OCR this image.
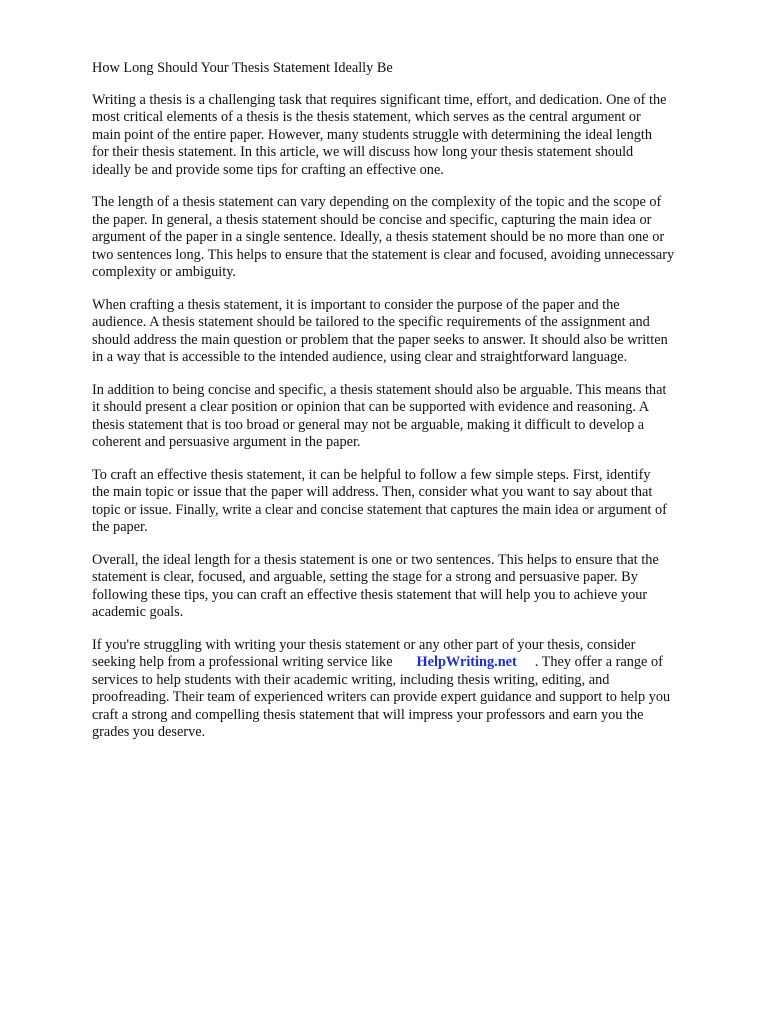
How Long Should Your Thesis Statement Ideally Be
Writing a thesis is a challenging task that requires significant time, effort, and dedication. One of the
most critical elements of a thesis is the thesis statement, which serves as the central argument or
main point of the entire paper. However, many students struggle with determining the ideal length
for their thesis statement. In this article, we will discuss how long your thesis statement should
ideally be and provide some tips for crafting an effective one.
The length of a thesis statement can vary depending on the complexity of the topic and the scope of
the paper. In general, a thesis statement should be concise and specific, capturing the main idea or
argument of the paper in a single sentence. Ideally, a thesis statement should be no more than one or
two sentences long. This helps to ensure that the statement is clear and focused, avoiding unnecessary
complexity or ambiguity.
When crafting a thesis statement, it is important to consider the purpose of the paper and the
audience. A thesis statement should be tailored to the specific requirements of the assignment and
should address the main question or problem that the paper seeks to answer. It should also be written
in a way that is accessible to the intended audience, using clear and straightforward language.
In addition to being concise and specific, a thesis statement should also be arguable. This means that
it should present a clear position or opinion that can be supported with evidence and reasoning. A
thesis statement that is too broad or general may not be arguable, making it difficult to develop a
coherent and persuasive argument in the paper.
To craft an effective thesis statement, it can be helpful to follow a few simple steps. First, identify
the main topic or issue that the paper will address. Then, consider what you want to say about that
topic or issue. Finally, write a clear and concise statement that captures the main idea or argument of
the paper.
Overall, the ideal length for a thesis statement is one or two sentences. This helps to ensure that the
statement is clear, focused, and arguable, setting the stage for a strong and persuasive paper. By
following these tips, you can craft an effective thesis statement that will help you to achieve your
academic goals.
If you're struggling with writing your thesis statement or any other part of your thesis, consider
seeking help from a professional writing service like HelpWriting.net . They offer a range of
services to help students with their academic writing, including thesis writing, editing, and
proofreading. Their team of experienced writers can provide expert guidance and support to help you
craft a strong and compelling thesis statement that will impress your professors and earn you the
grades you deserve.
